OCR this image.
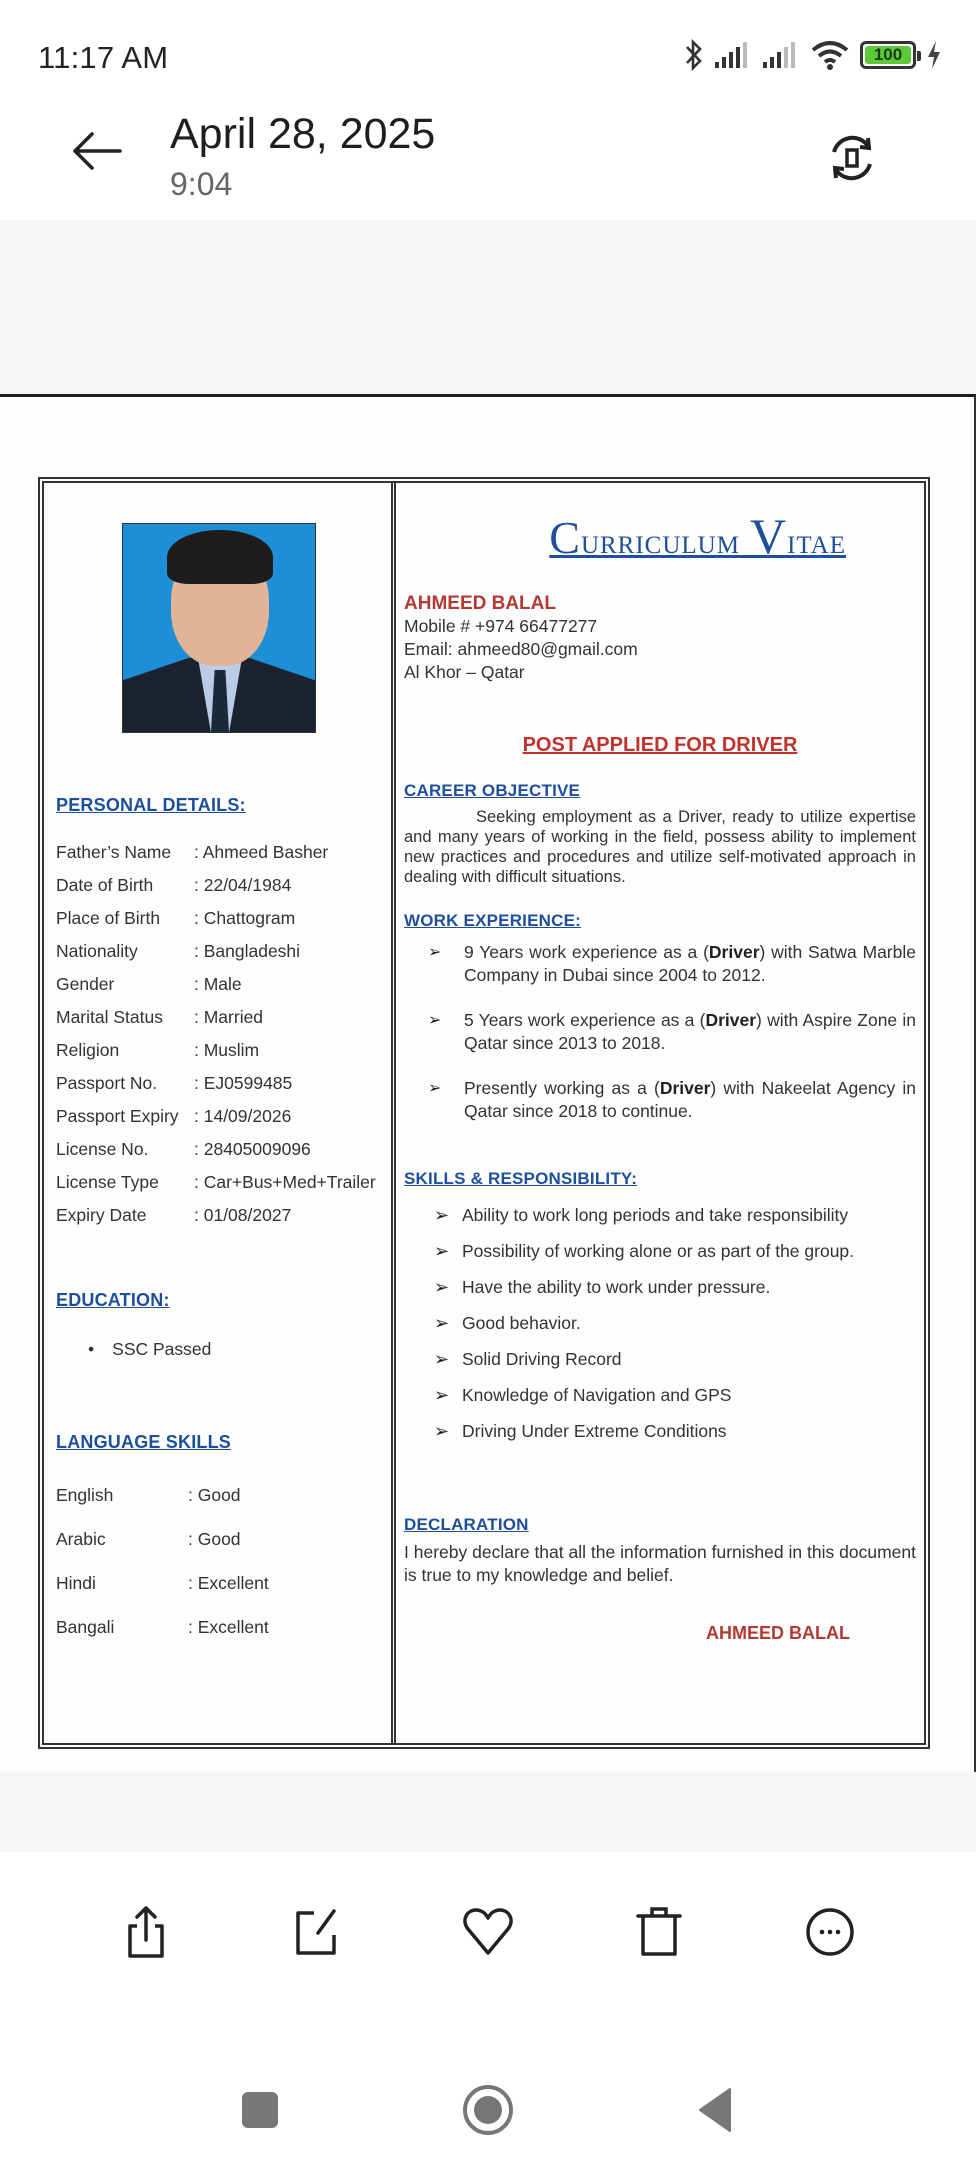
11:17 AM	100
April 28, 2025
9:04
PERSONAL DETAILS:
Father’s Name	: Ahmeed Basher
Date of Birth	: 22/04/1984
Place of Birth	: Chattogram
Nationality	: Bangladeshi
Gender	: Male
Marital Status	: Married
Religion	: Muslim
Passport No.	: EJ0599485
Passport Expiry : 14/09/2026
License No.	: 28405009096
License Type	: Car+Bus+Med+Trailer
Expiry Date	: 01/08/2027
EDUCATION:
• SSC Passed
LANGUAGE SKILLS
English	: Good
Arabic	: Good
Hindi	: Excellent
Bangali	: Excellent
Curriculum Vitae
AHMEED BALAL
Mobile # +974 66477277
Email: ahmeed80@gmail.com
Al Khor – Qatar
POST APPLIED FOR DRIVER
CAREER OBJECTIVE
Seeking employment as a Driver, ready to utilize expertise and many years of working in the field, possess ability to implement new practices and procedures and utilize self-motivated approach in dealing with difficult situations.
WORK EXPERIENCE:
➢ 9 Years work experience as a (Driver) with Satwa Marble Company in Dubai since 2004 to 2012.
➢ 5 Years work experience as a (Driver) with Aspire Zone in Qatar since 2013 to 2018.
➢ Presently working as a (Driver) with Nakeelat Agency in Qatar since 2018 to continue.
SKILLS & RESPONSIBILITY:
➢ Ability to work long periods and take responsibility
➢ Possibility of working alone or as part of the group.
➢ Have the ability to work under pressure.
➢ Good behavior.
➢ Solid Driving Record
➢ Knowledge of Navigation and GPS
➢ Driving Under Extreme Conditions
DECLARATION
I hereby declare that all the information furnished in this document is true to my knowledge and belief.
AHMEED BALAL
